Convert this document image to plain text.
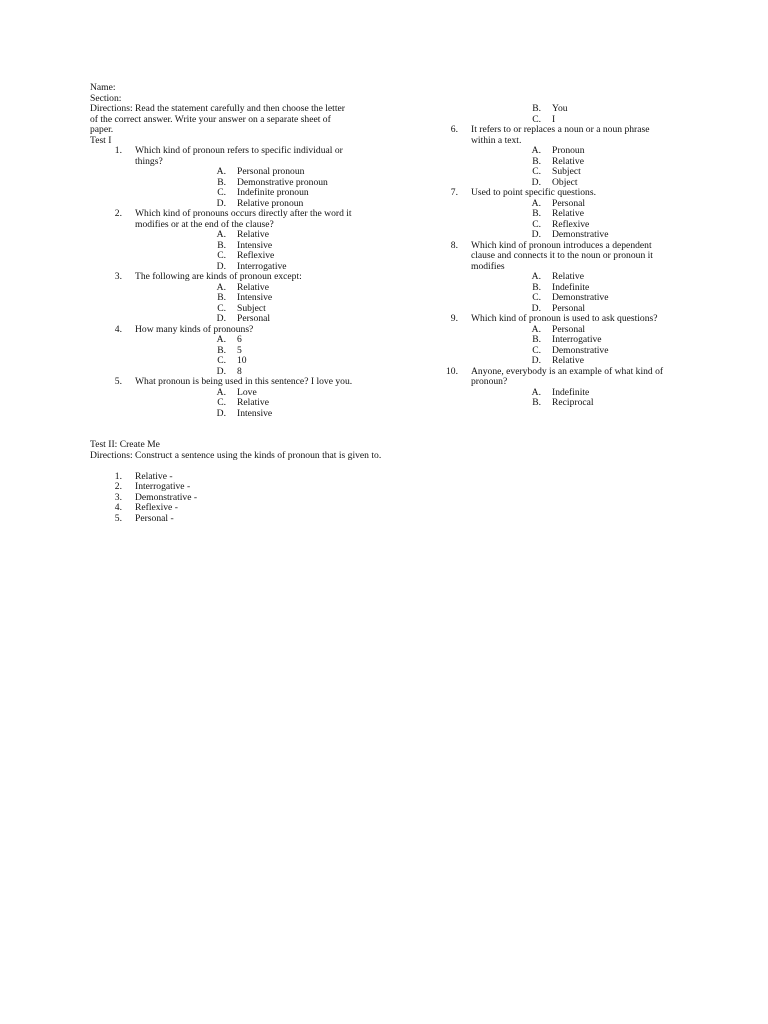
Name:
Section:
Directions: Read the statement carefully and then choose the letter of the correct answer. Write your answer on a separate sheet of paper.
Test I
1.	Which kind of pronoun refers to specific individual or things?
A.	Personal pronoun
B.	Demonstrative pronoun
C.	Indefinite pronoun
D.	Relative pronoun
2.	Which kind of pronouns occurs directly after the word it modifies or at the end of the clause?
A.	Relative
B.	Intensive
C.	Reflexive
D.	Interrogative
3.	The following are kinds of pronoun except:
A.	Relative
B.	Intensive
C.	Subject
D.	Personal
4.	How many kinds of pronouns?
A.	6
B.	5
C.	10
D.	8
5.	What pronoun is being used in this sentence? I love you.
A.	Love
C.	Relative
D.	Intensive
B.	You
C.	I
6.	It refers to or replaces a noun or a noun phrase within a text.
A.	Pronoun
B.	Relative
C.	Subject
D.	Object
7.	Used to point specific questions.
A.	Personal
B.	Relative
C.	Reflexive
D.	Demonstrative
8.	Which kind of pronoun introduces a dependent clause and connects it to the noun or pronoun it modifies
A.	Relative
B.	Indefinite
C.	Demonstrative
D.	Personal
9.	Which kind of pronoun is used to ask questions?
A.	Personal
B.	Interrogative
C.	Demonstrative
D.	Relative
10.	Anyone, everybody is an example of what kind of pronoun?
A.	Indefinite
B.	Reciprocal
Test II: Create Me
Directions: Construct a sentence using the kinds of pronoun that is given to.
1.	Relative -
2.	Interrogative -
3.	Demonstrative -
4.	Reflexive -
5.	Personal -
